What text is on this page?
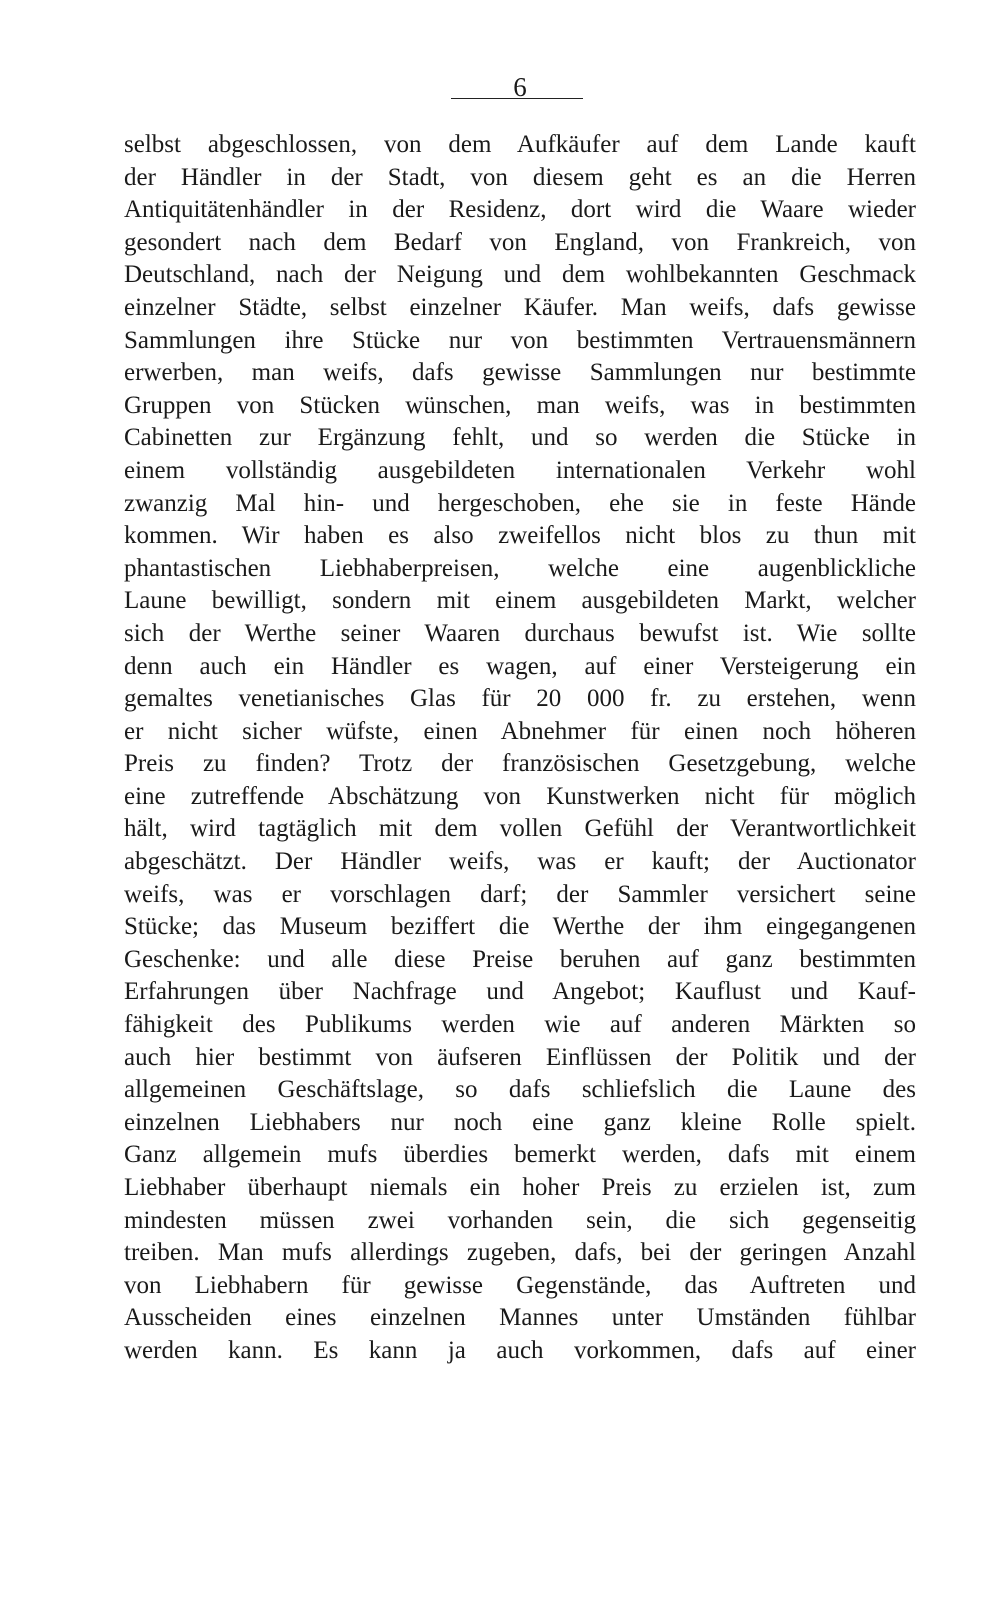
6
selbst abgeschlossen, von dem Aufkäufer auf dem Lande kauft
der Händler in der Stadt, von diesem geht es an die Herren
Antiquitätenhändler in der Residenz, dort wird die Waare wieder
gesondert nach dem Bedarf von England, von Frankreich, von
Deutschland, nach der Neigung und dem wohlbekannten Geschmack
einzelner Städte, selbst einzelner Käufer. Man weifs, dafs gewisse
Sammlungen ihre Stücke nur von bestimmten Vertrauensmännern
erwerben, man weifs, dafs gewisse Sammlungen nur bestimmte
Gruppen von Stücken wünschen, man weifs, was in bestimmten
Cabinetten zur Ergänzung fehlt, und so werden die Stücke in
einem vollständig ausgebildeten internationalen Verkehr wohl
zwanzig Mal hin- und hergeschoben, ehe sie in feste Hände
kommen. Wir haben es also zweifellos nicht blos zu thun mit
phantastischen Liebhaberpreisen, welche eine augenblickliche
Laune bewilligt, sondern mit einem ausgebildeten Markt, welcher
sich der Werthe seiner Waaren durchaus bewufst ist. Wie sollte
denn auch ein Händler es wagen, auf einer Versteigerung ein
gemaltes venetianisches Glas für 20 000 fr. zu erstehen, wenn
er nicht sicher wüfste, einen Abnehmer für einen noch höheren
Preis zu finden? Trotz der französischen Gesetzgebung, welche
eine zutreffende Abschätzung von Kunstwerken nicht für möglich
hält, wird tagtäglich mit dem vollen Gefühl der Verantwortlichkeit
abgeschätzt. Der Händler weifs, was er kauft; der Auctionator
weifs, was er vorschlagen darf; der Sammler versichert seine
Stücke; das Museum beziffert die Werthe der ihm eingegangenen
Geschenke: und alle diese Preise beruhen auf ganz bestimmten
Erfahrungen über Nachfrage und Angebot; Kauflust und Kauf-
fähigkeit des Publikums werden wie auf anderen Märkten so
auch hier bestimmt von äufseren Einflüssen der Politik und der
allgemeinen Geschäftslage, so dafs schliefslich die Laune des
einzelnen Liebhabers nur noch eine ganz kleine Rolle spielt.
Ganz allgemein mufs überdies bemerkt werden, dafs mit einem
Liebhaber überhaupt niemals ein hoher Preis zu erzielen ist, zum
mindesten müssen zwei vorhanden sein, die sich gegenseitig
treiben. Man mufs allerdings zugeben, dafs, bei der geringen Anzahl
von Liebhabern für gewisse Gegenstände, das Auftreten und
Ausscheiden eines einzelnen Mannes unter Umständen fühlbar
werden kann. Es kann ja auch vorkommen, dafs auf einer
